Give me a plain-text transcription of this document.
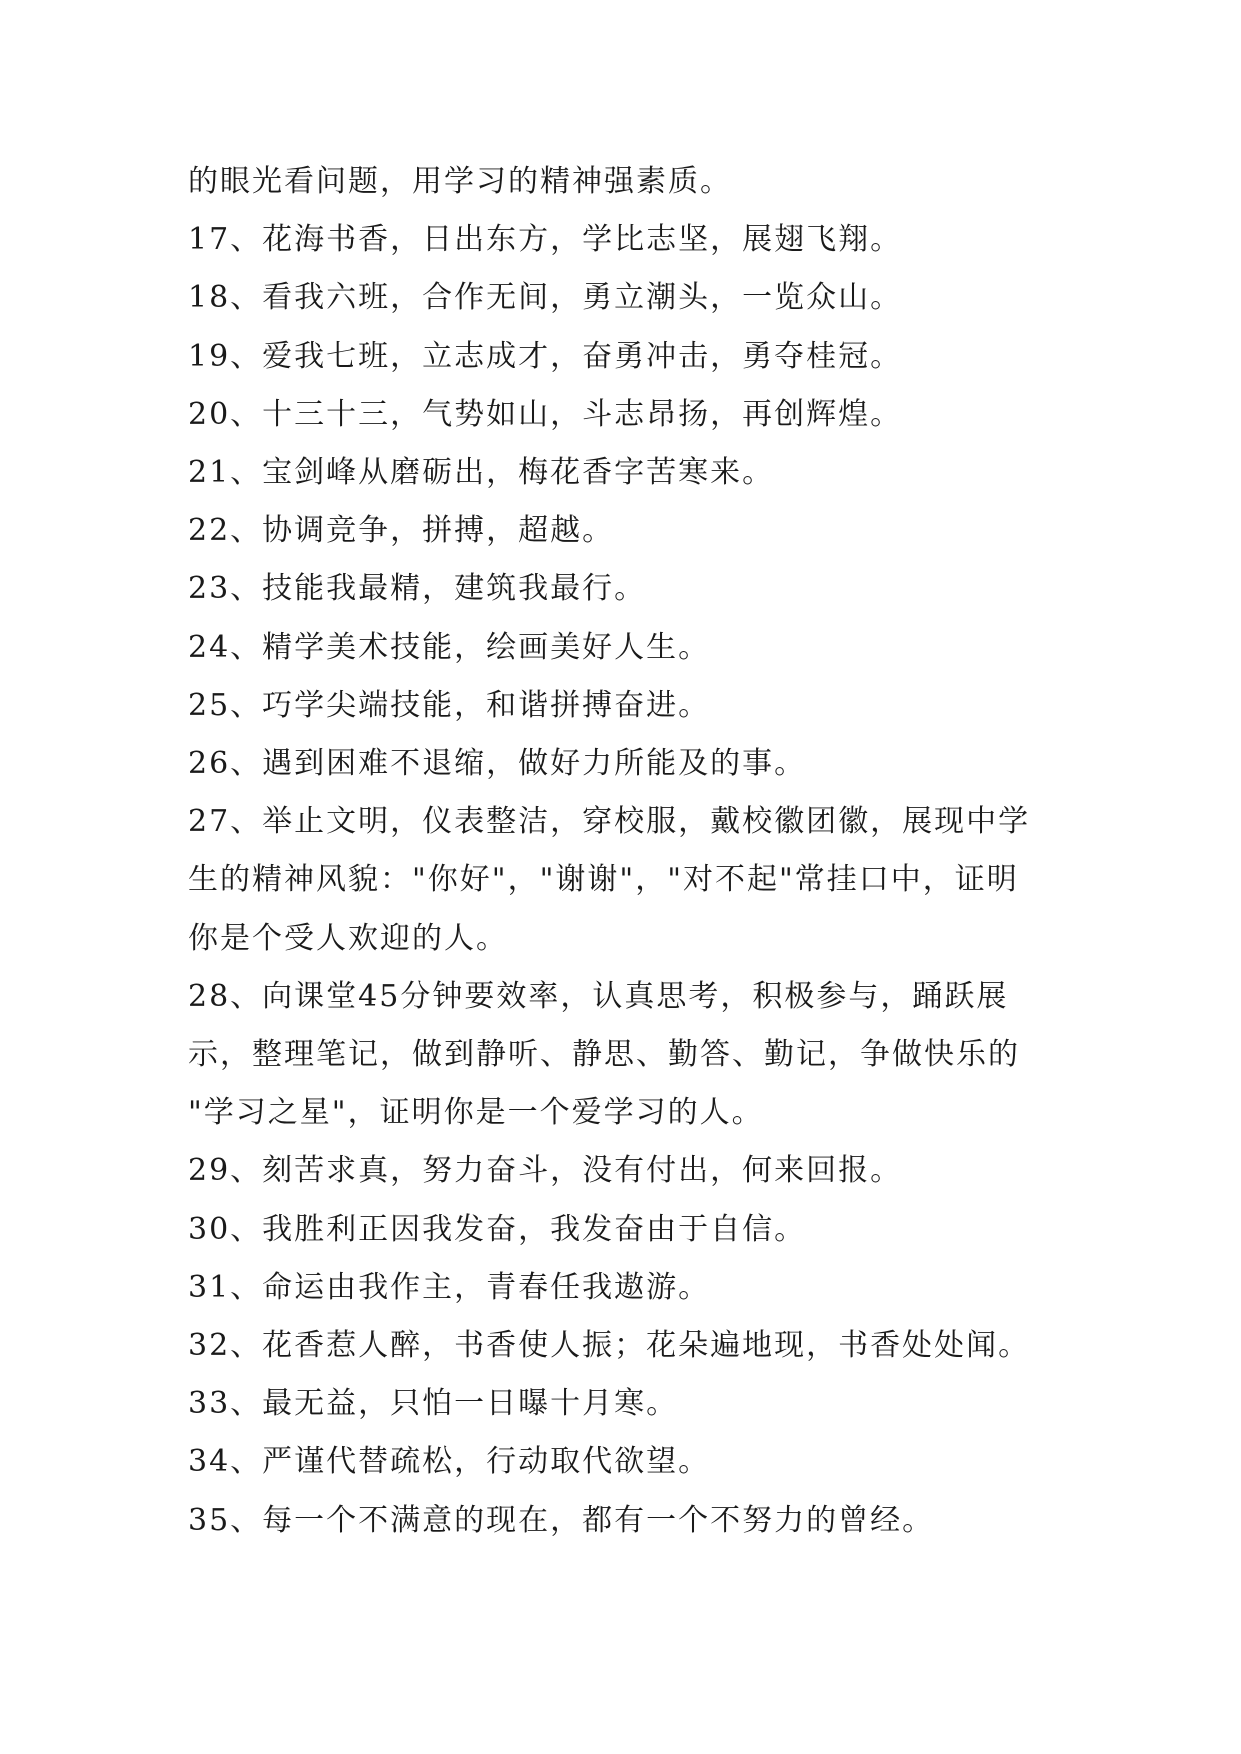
的眼光看问题，用学习的精神强素质。
17、花海书香，日出东方，学比志坚，展翅飞翔。
18、看我六班，合作无间，勇立潮头，一览众山。
19、爱我七班，立志成才，奋勇冲击，勇夺桂冠。
20、十三十三，气势如山，斗志昂扬，再创辉煌。
21、宝剑峰从磨砺出，梅花香字苦寒来。
22、协调竞争，拼搏，超越。
23、技能我最精，建筑我最行。
24、精学美术技能，绘画美好人生。
25、巧学尖端技能，和谐拼搏奋进。
26、遇到困难不退缩，做好力所能及的事。
27、举止文明，仪表整洁，穿校服，戴校徽团徽，展现中学
生的精神风貌："你好"，"谢谢"，"对不起"常挂口中，证明
你是个受人欢迎的人。
28、向课堂45分钟要效率，认真思考，积极参与，踊跃展
示，整理笔记，做到静听、静思、勤答、勤记，争做快乐的
"学习之星"，证明你是一个爱学习的人。
29、刻苦求真，努力奋斗，没有付出，何来回报。
30、我胜利正因我发奋，我发奋由于自信。
31、命运由我作主，青春任我遨游。
32、花香惹人醉，书香使人振；花朵遍地现，书香处处闻。
33、最无益，只怕一日曝十月寒。
34、严谨代替疏松，行动取代欲望。
35、每一个不满意的现在，都有一个不努力的曾经。
